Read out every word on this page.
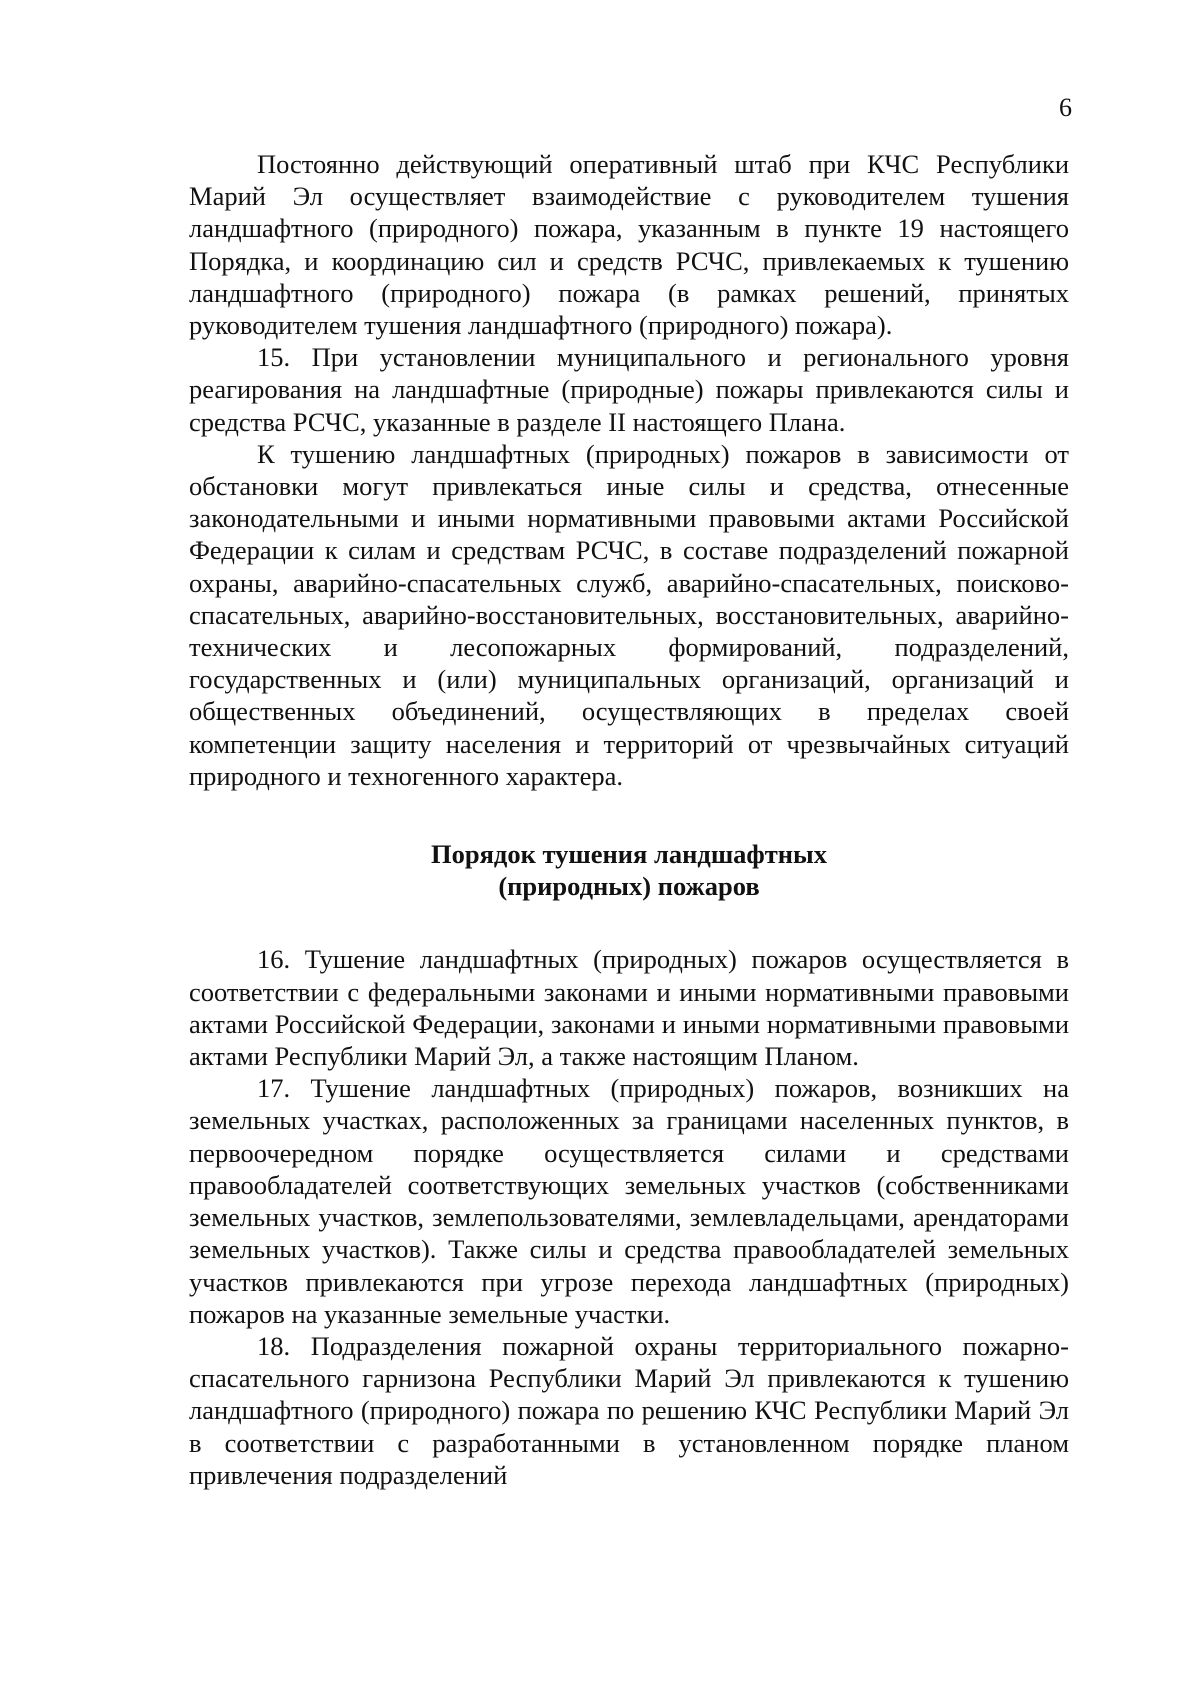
6

Постоянно действующий оперативный штаб при КЧС Республики Марий Эл осуществляет взаимодействие с руководителем тушения ландшафтного (природного) пожара, указанным в пункте 19 настоящего Порядка, и координацию сил и средств РСЧС, привлекаемых к тушению ландшафтного (природного) пожара (в рамках решений, принятых руководителем тушения ландшафтного (природного) пожара).

15. При установлении муниципального и регионального уровня реагирования на ландшафтные (природные) пожары привлекаются силы и средства РСЧС, указанные в разделе II настоящего Плана.

К тушению ландшафтных (природных) пожаров в зависимости от обстановки могут привлекаться иные силы и средства, отнесенные законодательными и иными нормативными правовыми актами Российской Федерации к силам и средствам РСЧС, в составе подразделений пожарной охраны, аварийно-спасательных служб, аварийно-спасательных, поисково-спасательных, аварийно-восстановительных, восстановительных, аварийно-технических и лесопожарных формирований, подразделений, государственных и (или) муниципальных организаций, организаций и общественных объединений, осуществляющих в пределах своей компетенции защиту населения и территорий от чрезвычайных ситуаций природного и техногенного характера.

Порядок тушения ландшафтных
(природных) пожаров

16. Тушение ландшафтных (природных) пожаров осуществляется в соответствии с федеральными законами и иными нормативными правовыми актами Российской Федерации, законами и иными нормативными правовыми актами Республики Марий Эл, а также настоящим Планом.

17. Тушение ландшафтных (природных) пожаров, возникших на земельных участках, расположенных за границами населенных пунктов, в первоочередном порядке осуществляется силами и средствами правообладателей соответствующих земельных участков (собственниками земельных участков, землепользователями, землевладельцами, арендаторами земельных участков). Также силы и средства правообладателей земельных участков привлекаются при угрозе перехода ландшафтных (природных) пожаров на указанные земельные участки.

18. Подразделения пожарной охраны территориального пожарно-спасательного гарнизона Республики Марий Эл привлекаются к тушению ландшафтного (природного) пожара по решению КЧС Республики Марий Эл в соответствии с разработанными в установленном порядке планом привлечения подразделений
